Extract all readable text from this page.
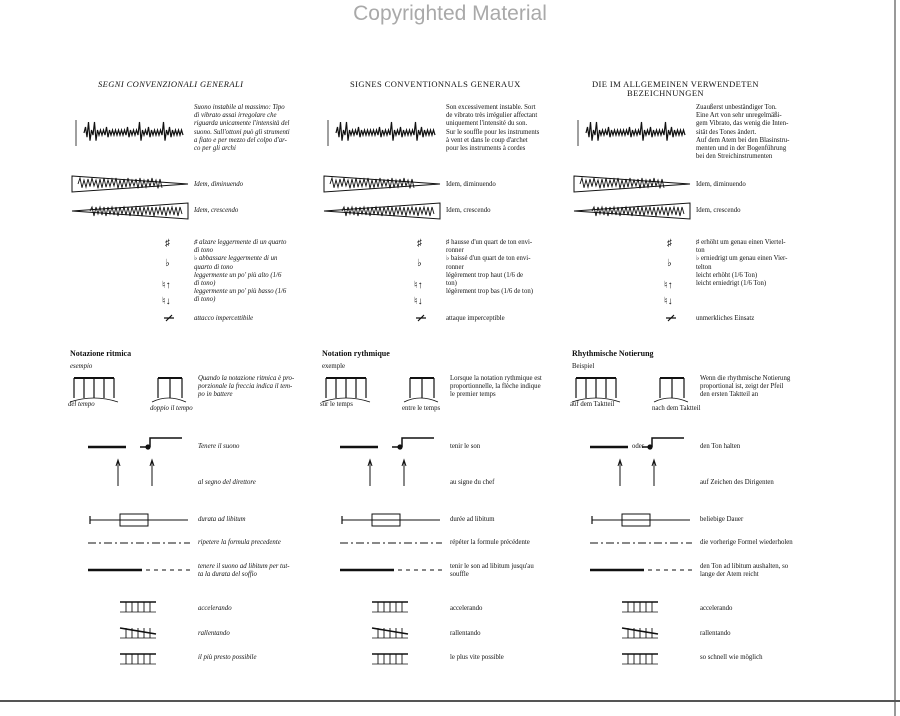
Copyrighted Material
SEGNI CONVENZIONALI GENERALI
♯
♭
♮↑
♮↓
Suono instabile al massimo: Tipo
di vibrato assai irregolare che
riguarda unicamente l'intensità del
suono. Sull'ottoni può gli strumenti
a fiato e per mezzo del colpo d'ar-
co per gli archi
Idem, diminuendo
Idem, crescendo
♯ alzare leggermente di un quarto
di tono
♭ abbassare leggermente di un
quarto di tono
leggermente un po' più alto (1/6
di tono)
leggermente un po' più basso (1/6
di tono)
attacco impercettibile
Notazione ritmica
esempio
del tempo
doppio il tempo
Quando la notazione ritmica è pro-
porzionale la freccia indica il tem-
po in battere
Tenere il suono
al segno del direttore
durata ad libitum
ripetere la formula precedente
tenere il suono ad libitum per tut-
ta la durata del soffio
accelerando
rallentando
il più presto possibile
SIGNES CONVENTIONNALS GENERAUX
♯
♭
♮↑
♮↓
Son excessivement instable. Sort
de vibrato très irrégulier affectant
uniquement l'intensité du son.
Sur le souffle pour les instruments
à vent et dans le coup d'archet
pour les instruments à cordes
Idem, diminuendo
Idem, crescendo
♯ hausse d'un quart de ton envi-
ronner
♭ baissé d'un quart de ton envi-
ronner
légèrement trop haut (1/6 de
ton)
légèrement trop bas (1/6 de ton)
attaque imperceptible
Notation rythmique
exemple
sur le temps
entre le temps
Lorsque la notation rythmique est
proportionnelle, la flèche indique
le premier temps
tenir le son
au signe du chef
durée ad libitum
répéter la formule précédente
tenir le son ad libitum jusqu'au
souffle
accelerando
rallentando
le plus vite possible
DIE IM ALLGEMEINEN VERWENDETEN
BEZEICHNUNGEN
♯
♭
♮↑
♮↓
Zuaußerst unbeständiger Ton.
Eine Art von sehr unregelmäßi-
gem Vibrato, das wenig die Inten-
sität des Tones ändert.
Auf dem Atem bei den Blasinstru-
menten und in der Bogenführung
bei den Streichinstrumenten
Idem, diminuendo
Idem, crescendo
♯ erhöht um genau einen Viertel-
ton
♭ erniedrigt um genau einen Vier-
telton
leicht erhöht (1/6 Ton)
leicht erniedrigt (1/6 Ton)
unmerkliches Einsatz
Rhythmische Notierung
Beispiel
auf dem Taktteil
nach dem Taktteil
Wenn die rhythmische Notierung
proportional ist, zeigt der Pfeil
den ersten Taktteil an
den Ton halten
oder
auf Zeichen des Dirigenten
beliebige Dauer
die vorherige Formel wiederholen
den Ton ad libitum aushalten, so
lange der Atem reicht
accelerando
rallentando
so schnell wie möglich
